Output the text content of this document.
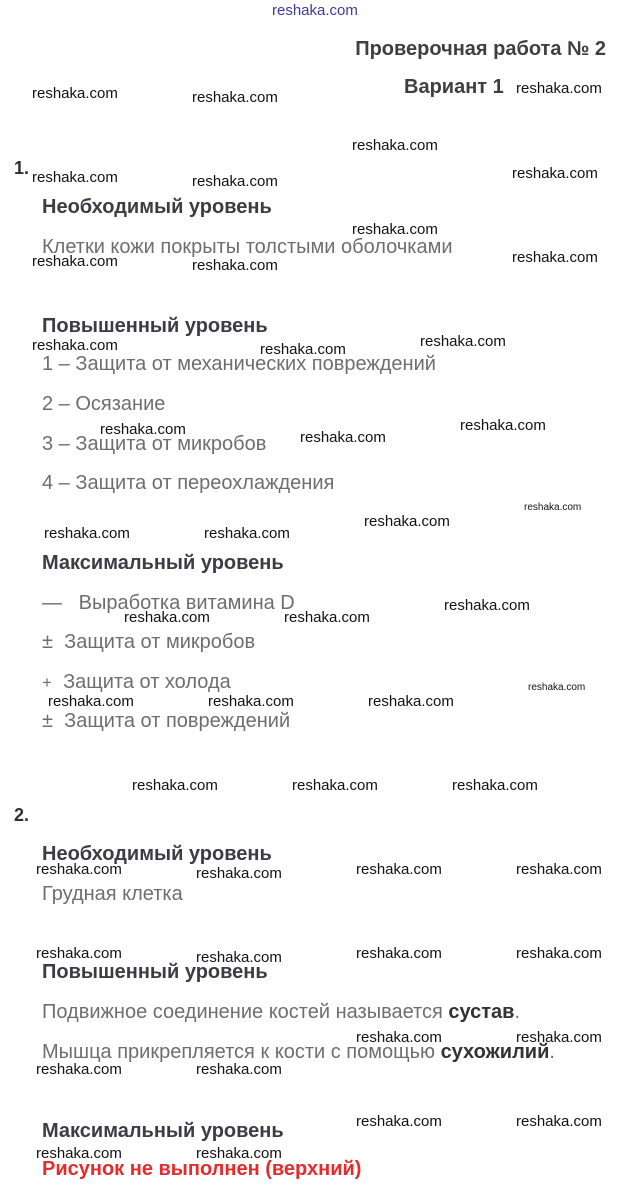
reshaka.com
Проверочная работа № 2
Вариант 1
1.
Необходимый уровень
Клетки кожи покрыты толстыми оболочками
Повышенный уровень
1 – Защита от механических повреждений
2 – Осязание
3 – Защита от микробов
4 – Защита от переохлаждения
Максимальный уровень
— Выработка витамина D
± Защита от микробов
+ Защита от холода
± Защита от повреждений
2.
Необходимый уровень
Грудная клетка
Повышенный уровень
Подвижное соединение костей называется сустав.
Мышца прикрепляется к кости с помощью сухожилий.
Максимальный уровень
Рисунок не выполнен (верхний)
reshaka.com	reshaka.com
reshaka.com
reshaka.com
reshaka.com	reshaka.com	reshaka.com
reshaka.com
reshaka.com	reshaka.com	reshaka.com
reshaka.com
reshaka.com	reshaka.com
reshaka.com
reshaka.com	reshaka.com
reshaka.com
reshaka.com
reshaka.com	reshaka.com
reshaka.com
reshaka.com	reshaka.com
reshaka.com
reshaka.com	reshaka.com	reshaka.com
reshaka.com	reshaka.com	reshaka.com
reshaka.com	reshaka.com
reshaka.com	reshaka.com
reshaka.com	reshaka.com	reshaka.com	reshaka.com
reshaka.com	reshaka.com
reshaka.com	reshaka.com
reshaka.com	reshaka.com
reshaka.com	reshaka.com
